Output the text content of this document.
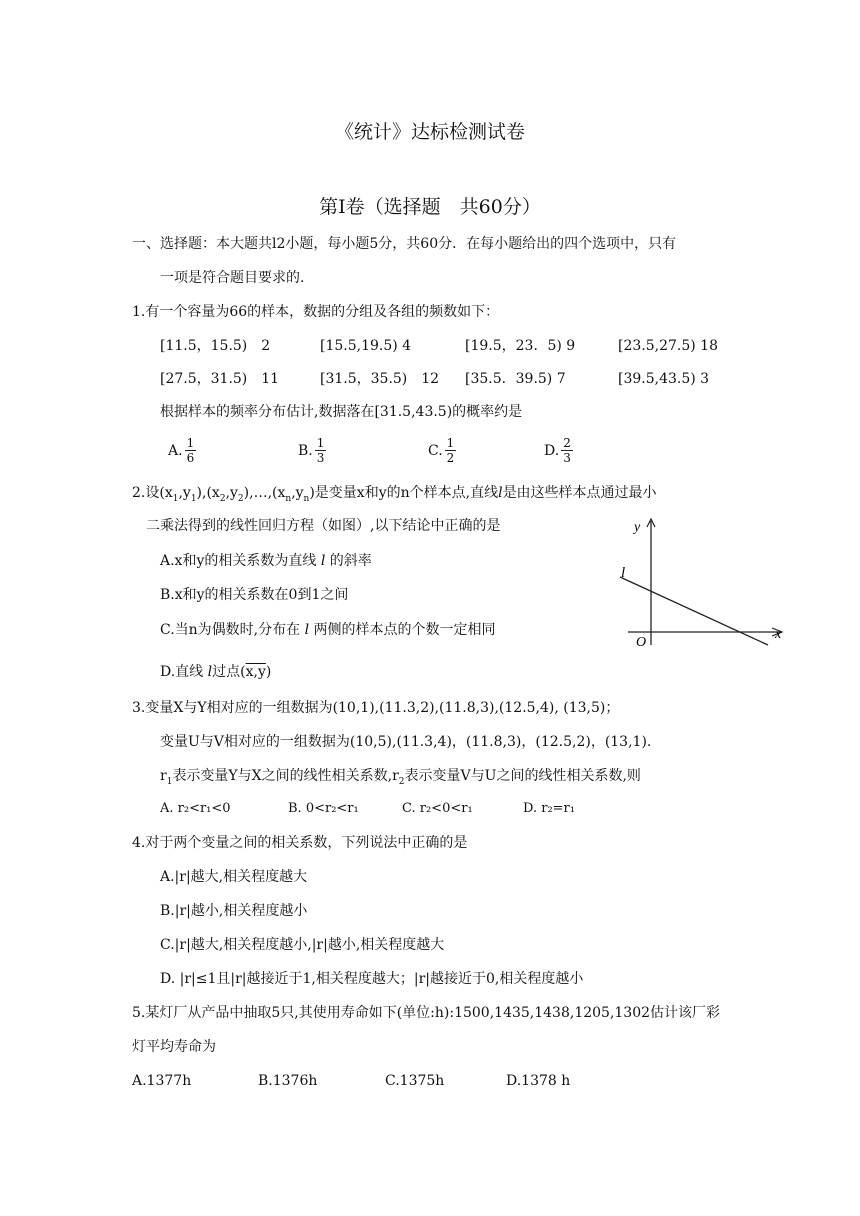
《统计》达标检测试卷
第Ⅰ卷（选择题　共60分）
一、选择题：本大题共l2小题，每小题5分，共60分．在每小题给出的四个选项中，只有
一项是符合题目要求的.
1.有一个容量为66的样本，数据的分组及各组的频数如下：
[11.5，15.5)　2	[15.5,19.5) 4	[19.5，23．5) 9	[23.5,27.5) 18
[27.5，31.5)　11	[31.5，35.5)　12 [35.5．39.5) 7	[39.5,43.5) 3
根据样本的频率分布估计,数据落在[31.5,43.5)的概率约是
A. $\frac{1}{6}$	B. $\frac{1}{3}$	C. $\frac{1}{2}$	D. $\frac{2}{3}$
2.设$(x_1,y_1),(x_2,y_2),\dots,(x_n,y_n)$是变量x和y的n个样本点,直线l是由这些样本点通过最小
二乘法得到的线性回归方程（如图）,以下结论中正确的是
A.x和y的相关系数为直线 l 的斜率
B.x和y的相关系数在0到1之间
C.当n为偶数时,分布在 l 两侧的样本点的个数一定相同
D.直线 l过点(x,y)
y
x
O
l
3.变量X与Y相对应的一组数据为(10,1),(11.3,2),(11.8,3),(12.5,4), (13,5)；
变量U与V相对应的一组数据为(10,5),(11.3,4)，(11.8,3)，(12.5,2)，(13,1).
$r_1$表示变量Y与X之间的线性相关系数$,r_2$表示变量V与U之间的线性相关系数,则
A. r₂<r₁<0	B. 0<r₂<r₁	C. r₂<0<r₁	D. r₂=r₁
4.对于两个变量之间的相关系数，下列说法中正确的是
A.|r|越大,相关程度越大
B.|r|越小,相关程度越小
C.|r|越大,相关程度越小,|r|越小,相关程度越大
D. |r|≤1且|r|越接近于1,相关程度越大；|r|越接近于0,相关程度越小
5.某灯厂从产品中抽取5只,其使用寿命如下(单位:h):1500,1435,1438,1205,1302估计该厂彩
灯平均寿命为
A.1377h	B.1376h	C.1375h	D.1378 h
